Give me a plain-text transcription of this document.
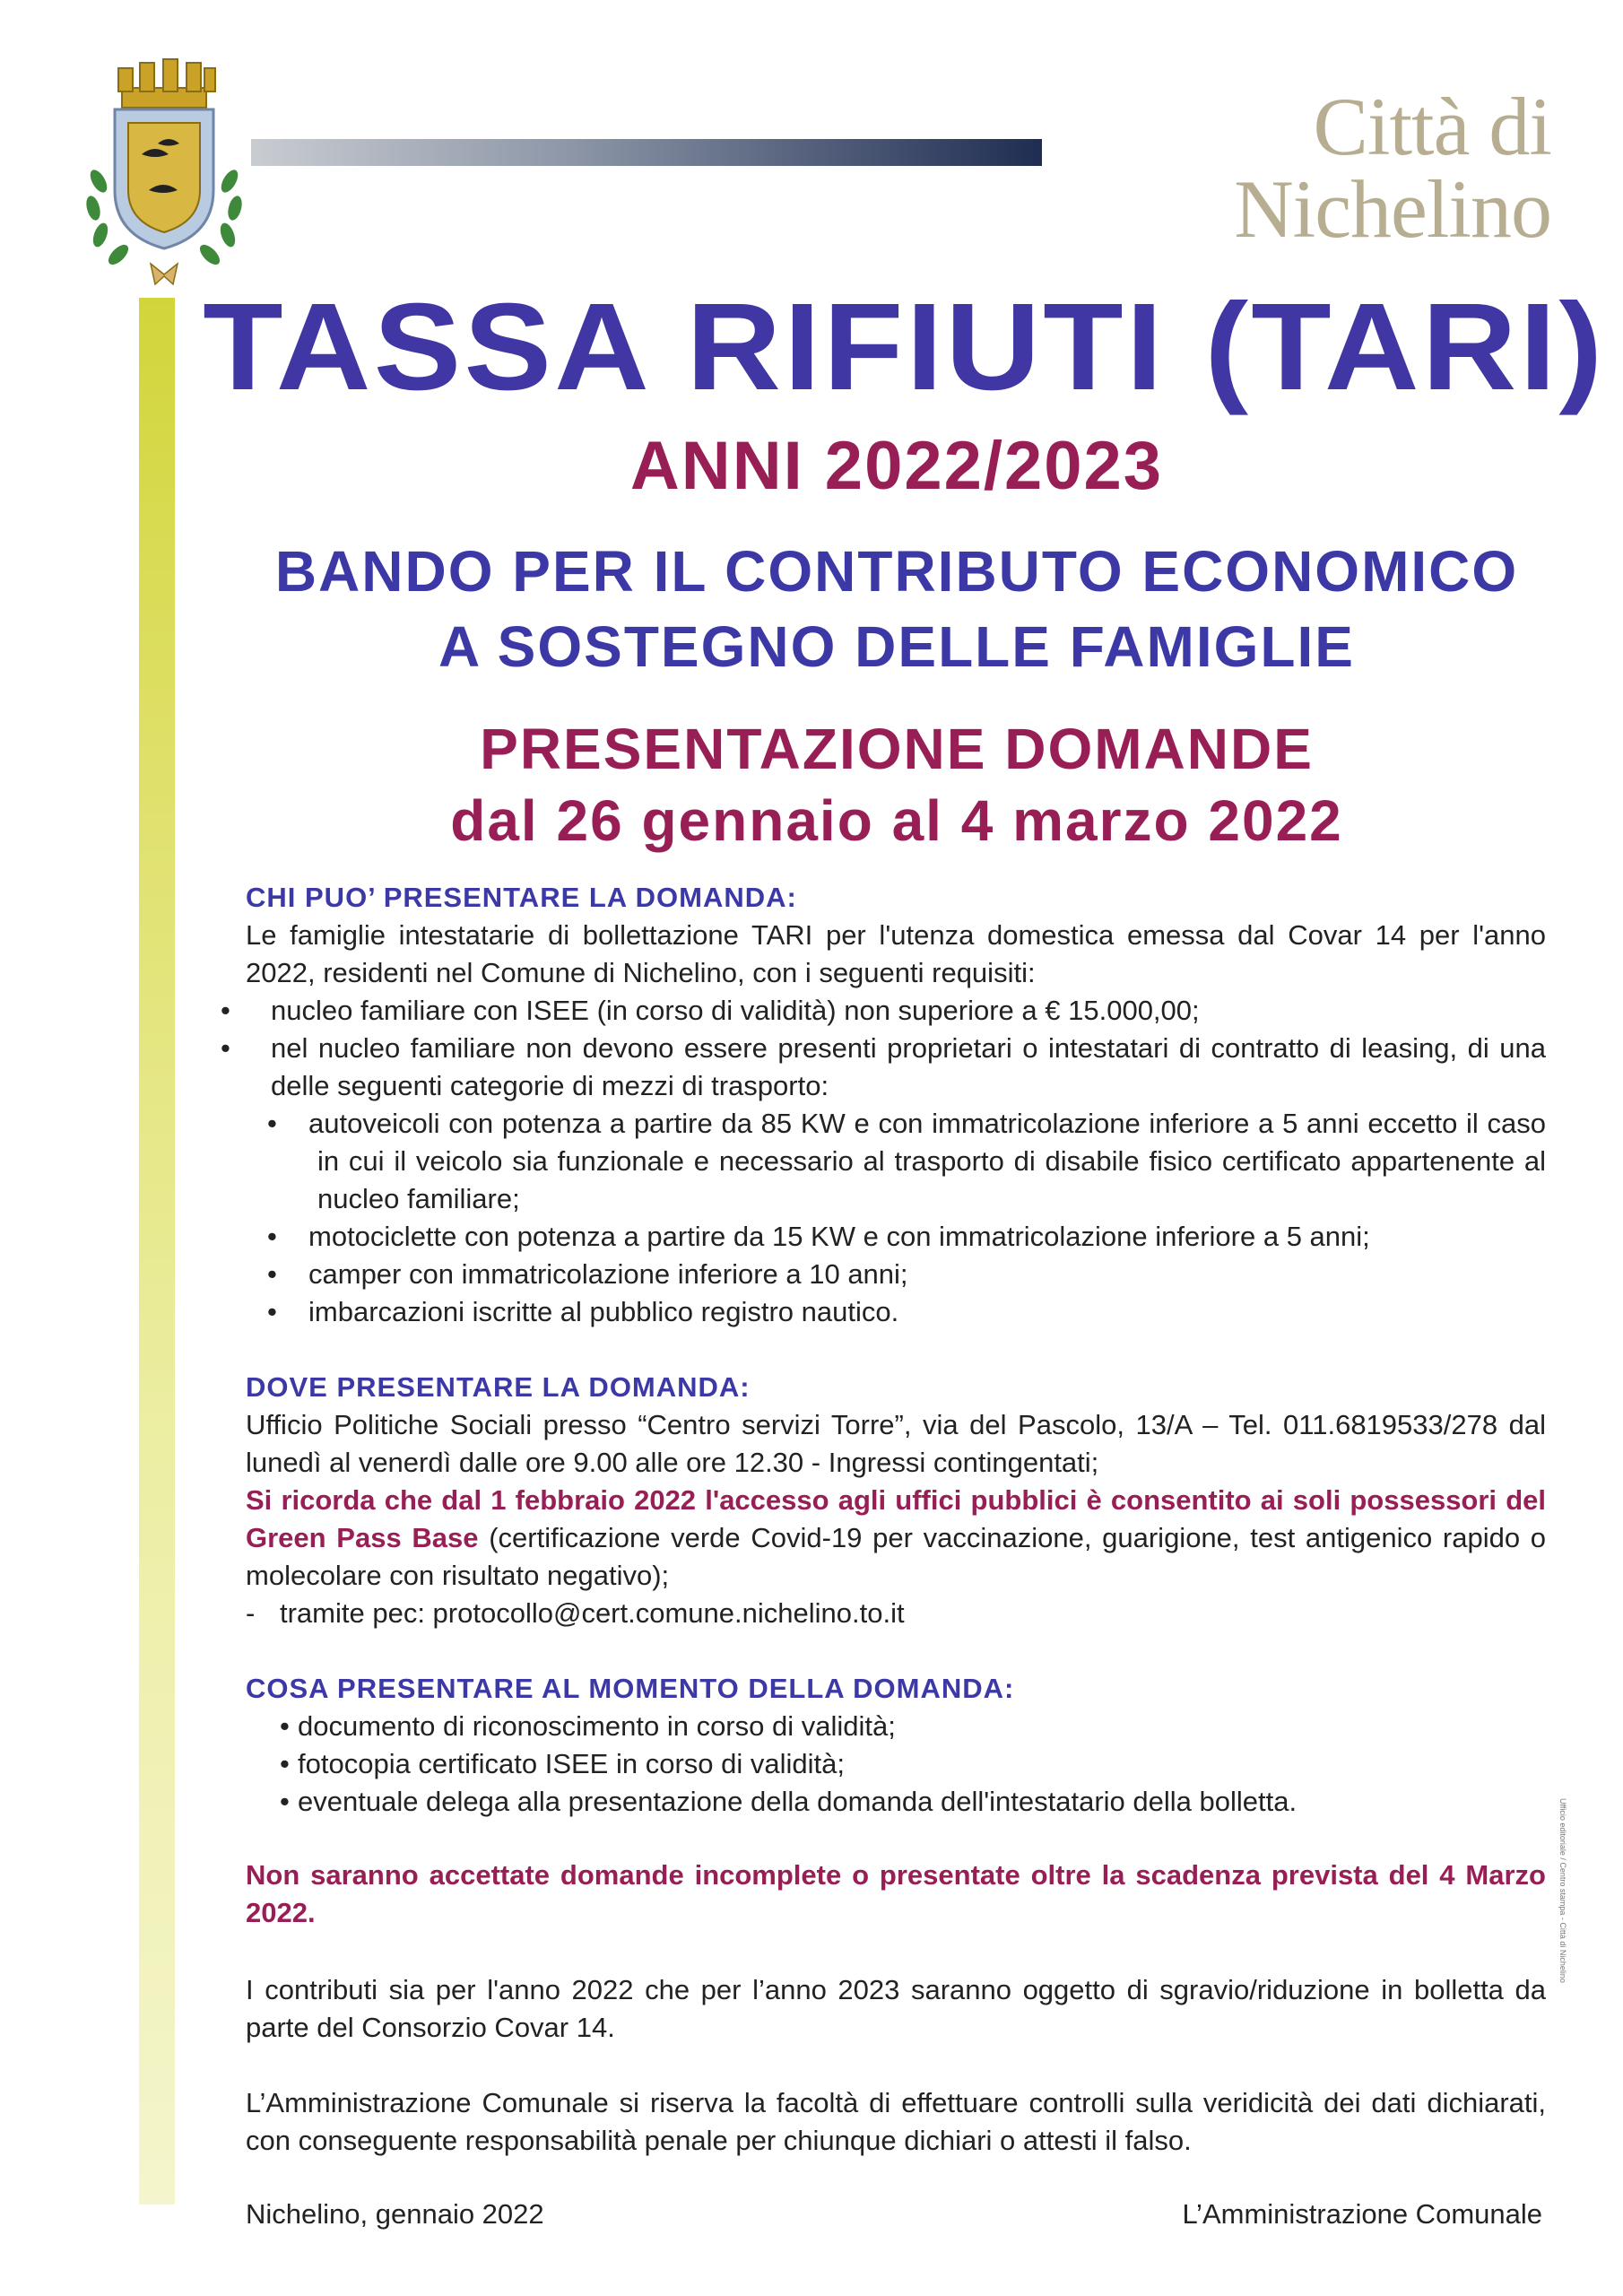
Città di Nichelino
TASSA RIFIUTI (TARI)
ANNI 2022/2023
BANDO PER IL CONTRIBUTO ECONOMICO
A SOSTEGNO DELLE FAMIGLIE
PRESENTAZIONE DOMANDE
dal 26 gennaio al 4 marzo 2022

CHI PUO’ PRESENTARE LA DOMANDA:

Le famiglie intestatarie di bollettazione TARI per l'utenza domestica emessa dal Covar 14 per l'anno 2022, residenti nel Comune di Nichelino, con i seguenti requisiti:

• nucleo familiare con ISEE (in corso di validità) non superiore a € 15.000,00;

• nel nucleo familiare non devono essere presenti proprietari o intestatari di contratto di leasing, di una delle seguenti categorie di mezzi di trasporto:

• autoveicoli con potenza a partire da 85 KW e con immatricolazione inferiore a 5 anni eccetto il caso in cui il veicolo sia funzionale e necessario al trasporto di disabile fisico certificato appartenente al nucleo familiare;

• motociclette con potenza a partire da 15 KW e con immatricolazione inferiore a 5 anni;

• camper con immatricolazione inferiore a 10 anni;

• imbarcazioni iscritte al pubblico registro nautico.

DOVE PRESENTARE LA DOMANDA:

Ufficio Politiche Sociali presso “Centro servizi Torre”, via del Pascolo, 13/A – Tel. 011.6819533/278 dal lunedì al venerdì dalle ore 9.00 alle ore 12.30 - Ingressi contingentati;

Si ricorda che dal 1 febbraio 2022 l'accesso agli uffici pubblici è consentito ai soli possessori del Green Pass Base (certificazione verde Covid-19 per vaccinazione, guarigione, test antigenico rapido o molecolare con risultato negativo);

- tramite pec: protocollo@cert.comune.nichelino.to.it

COSA PRESENTARE AL MOMENTO DELLA DOMANDA:

• documento di riconoscimento in corso di validità;

• fotocopia certificato ISEE in corso di validità;

• eventuale delega alla presentazione della domanda dell'intestatario della bolletta.

Non saranno accettate domande incomplete o presentate oltre la scadenza prevista del 4 Marzo 2022.
I contributi sia per l'anno 2022 che per l’anno 2023 saranno oggetto di sgravio/riduzione in bolletta da parte del Consorzio Covar 14.
L’Amministrazione Comunale si riserva la facoltà di effettuare controlli sulla veridicità dei dati dichiarati, con conseguente responsabilità penale per chiunque dichiari o attesti il falso.
Nichelino, gennaio 2022	L’Amministrazione Comunale
Ufficio editoriale / Centro stampa - Città di Nichelino
